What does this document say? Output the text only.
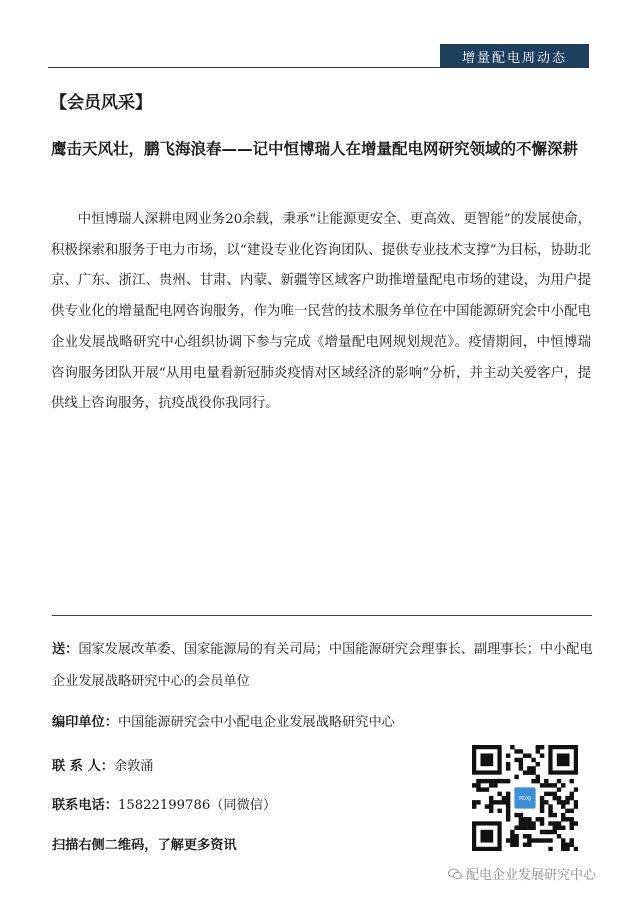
增量配电周动态
【会员风采】
鹰击天风壮，鹏飞海浪春——记中恒博瑞人在增量配电网研究领域的不懈深耕

中恒博瑞人深耕电网业务20余载，秉承“让能源更安全、更高效、更智能”的发展使命，积极探索和服务于电力市场，以“建设专业化咨询团队、提供专业技术支撑”为目标，协助北京、广东、浙江、贵州、甘肃、内蒙、新疆等区域客户助推增量配电市场的建设，为用户提供专业化的增量配电网咨询服务，作为唯一民营的技术服务单位在中国能源研究会中小配电企业发展战略研究中心组织协调下参与完成《增量配电网规划规范》。疫情期间，中恒博瑞咨询服务团队开展“从用电量看新冠肺炎疫情对区域经济的影响”分析，并主动关爱客户，提供线上咨询服务，抗疫战役你我同行。

送：国家发展改革委、国家能源局的有关司局；中国能源研究会理事长、副理事长；中小配电企业发展战略研究中心的会员单位
编印单位：中国能源研究会中小配电企业发展战略研究中心
联 系 人：余敦涌
联系电话：15822199786（同微信）
扫描右侧二维码，了解更多资讯
PDXJ
配电企业发展研究中心
